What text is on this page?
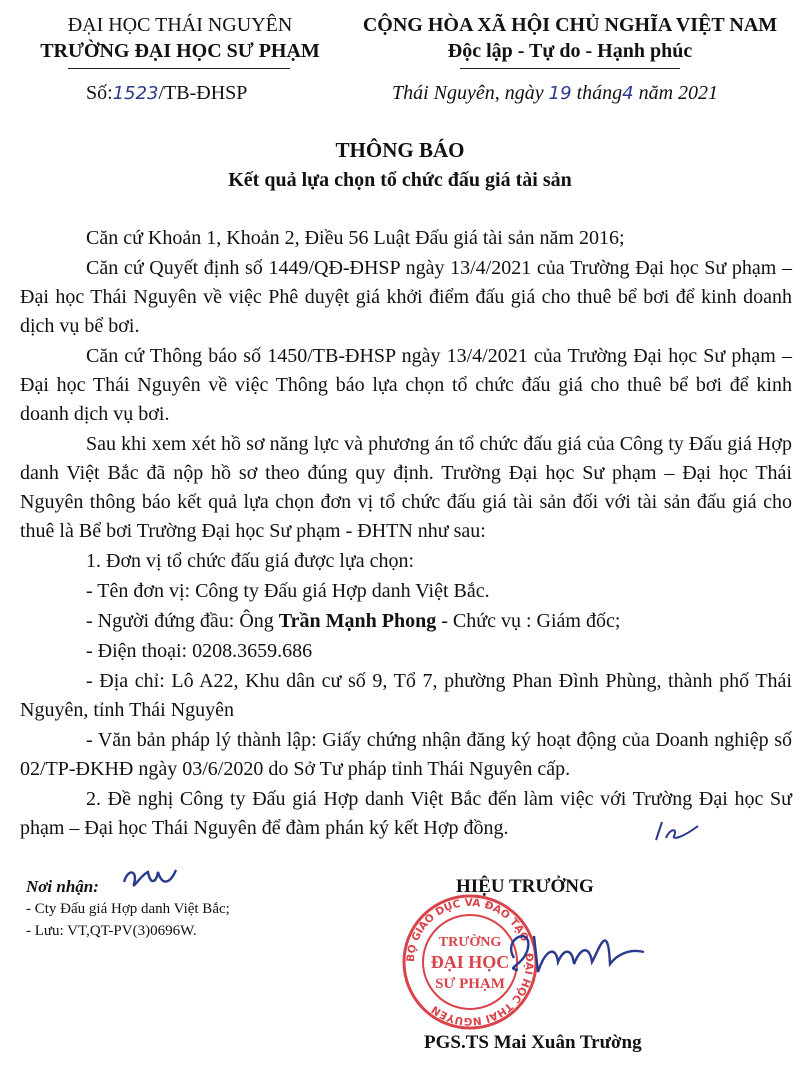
ĐẠI HỌC THÁI NGUYÊN
TRƯỜNG ĐẠI HỌC SƯ PHẠM
CỘNG HÒA XÃ HỘI CHỦ NGHĨA VIỆT NAM
Độc lập - Tự do - Hạnh phúc
Số:1523/TB-ĐHSP	Thái Nguyên, ngày 19 tháng4 năm 2021
THÔNG BÁO
Kết quả lựa chọn tổ chức đấu giá tài sản

Căn cứ Khoản 1, Khoản 2, Điều 56 Luật Đấu giá tài sản năm 2016;

Căn cứ Quyết định số 1449/QĐ-ĐHSP ngày 13/4/2021 của Trường Đại học Sư phạm – Đại học Thái Nguyên về việc Phê duyệt giá khởi điểm đấu giá cho thuê bể bơi để kinh doanh dịch vụ bể bơi.

Căn cứ Thông báo số 1450/TB-ĐHSP ngày 13/4/2021 của Trường Đại học Sư phạm – Đại học Thái Nguyên về việc Thông báo lựa chọn tổ chức đấu giá cho thuê bể bơi để kinh doanh dịch vụ bơi.

Sau khi xem xét hồ sơ năng lực và phương án tổ chức đấu giá của Công ty Đấu giá Hợp danh Việt Bắc đã nộp hồ sơ theo đúng quy định. Trường Đại học Sư phạm – Đại học Thái Nguyên thông báo kết quả lựa chọn đơn vị tổ chức đấu giá tài sản đối với tài sản đấu giá cho thuê là Bể bơi Trường Đại học Sư phạm - ĐHTN như sau:

1. Đơn vị tổ chức đấu giá được lựa chọn:

- Tên đơn vị: Công ty Đấu giá Hợp danh Việt Bắc.

- Người đứng đầu: Ông Trần Mạnh Phong - Chức vụ : Giám đốc;

- Điện thoại: 0208.3659.686

- Địa chỉ: Lô A22, Khu dân cư số 9, Tổ 7, phường Phan Đình Phùng, thành phố Thái Nguyên, tỉnh Thái Nguyên

- Văn bản pháp lý thành lập: Giấy chứng nhận đăng ký hoạt động của Doanh nghiệp số 02/TP-ĐKHĐ ngày 03/6/2020 do Sở Tư pháp tỉnh Thái Nguyên cấp.

2. Đề nghị Công ty Đấu giá Hợp danh Việt Bắc đến làm việc với Trường Đại học Sư phạm – Đại học Thái Nguyên để đàm phán ký kết Hợp đồng.

Nơi nhận:
- Cty Đấu giá Hợp danh Việt Bắc;
- Lưu: VT,QT-PV(3)0696W.
HIỆU TRƯỞNG
BỘ GIÁO DỤC VÀ ĐÀO TẠO · ĐẠI HỌC THÁI NGUYÊN
TRƯỜNG
ĐẠI HỌC
SƯ PHẠM
PGS.TS Mai Xuân Trường
